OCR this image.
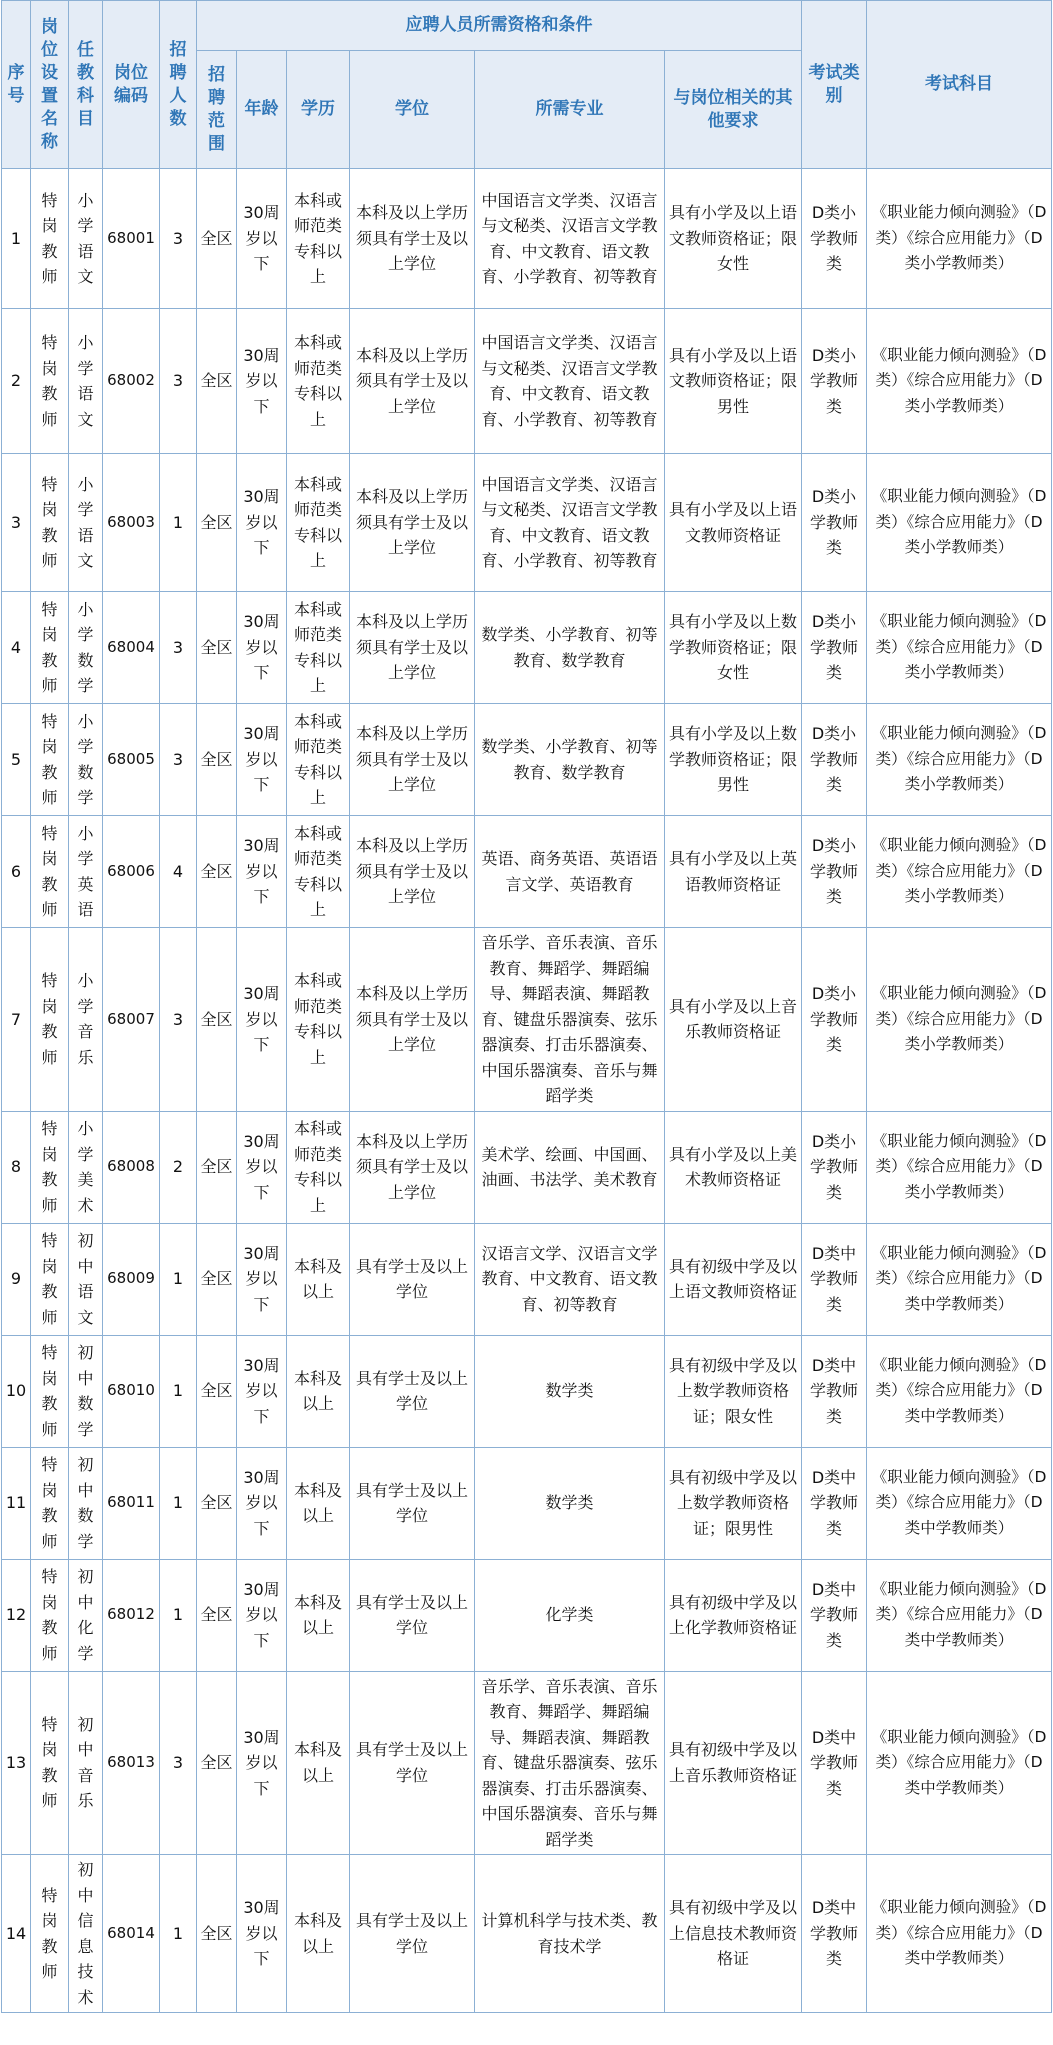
序号	岗位设置名称	任教科目	岗位编码	招聘人数	应聘人员所需资格和条件						考试类别	考试科目
					招聘范围	年龄	学历	学位	所需专业	与岗位相关的其他要求		
1	特岗教师	小学语文	68001	3	全区	30周岁以下	本科或师范类专科以上	本科及以上学历须具有学士及以上学位	中国语言文学类、汉语言与文秘类、汉语言文学教育、中文教育、语文教育、小学教育、初等教育	具有小学及以上语文教师资格证；限女性	D类小学教师类	《职业能力倾向测验》（D类）《综合应用能力》（D类小学教师类）
2	特岗教师	小学语文	68002	3	全区	30周岁以下	本科或师范类专科以上	本科及以上学历须具有学士及以上学位	中国语言文学类、汉语言与文秘类、汉语言文学教育、中文教育、语文教育、小学教育、初等教育	具有小学及以上语文教师资格证；限男性	D类小学教师类	《职业能力倾向测验》（D类）《综合应用能力》（D类小学教师类）
3	特岗教师	小学语文	68003	1	全区	30周岁以下	本科或师范类专科以上	本科及以上学历须具有学士及以上学位	中国语言文学类、汉语言与文秘类、汉语言文学教育、中文教育、语文教育、小学教育、初等教育	具有小学及以上语文教师资格证	D类小学教师类	《职业能力倾向测验》（D类）《综合应用能力》（D类小学教师类）
4	特岗教师	小学数学	68004	3	全区	30周岁以下	本科或师范类专科以上	本科及以上学历须具有学士及以上学位	数学类、小学教育、初等教育、数学教育	具有小学及以上数学教师资格证；限女性	D类小学教师类	《职业能力倾向测验》（D类）《综合应用能力》（D类小学教师类）
5	特岗教师	小学数学	68005	3	全区	30周岁以下	本科或师范类专科以上	本科及以上学历须具有学士及以上学位	数学类、小学教育、初等教育、数学教育	具有小学及以上数学教师资格证；限男性	D类小学教师类	《职业能力倾向测验》（D类）《综合应用能力》（D类小学教师类）
6	特岗教师	小学英语	68006	4	全区	30周岁以下	本科或师范类专科以上	本科及以上学历须具有学士及以上学位	英语、商务英语、英语语言文学、英语教育	具有小学及以上英语教师资格证	D类小学教师类	《职业能力倾向测验》（D类）《综合应用能力》（D类小学教师类）
7	特岗教师	小学音乐	68007	3	全区	30周岁以下	本科或师范类专科以上	本科及以上学历须具有学士及以上学位	音乐学、音乐表演、音乐教育、舞蹈学、舞蹈编导、舞蹈表演、舞蹈教育、键盘乐器演奏、弦乐器演奏、打击乐器演奏、中国乐器演奏、音乐与舞蹈学类	具有小学及以上音乐教师资格证	D类小学教师类	《职业能力倾向测验》（D类）《综合应用能力》（D类小学教师类）
8	特岗教师	小学美术	68008	2	全区	30周岁以下	本科或师范类专科以上	本科及以上学历须具有学士及以上学位	美术学、绘画、中国画、油画、书法学、美术教育	具有小学及以上美术教师资格证	D类小学教师类	《职业能力倾向测验》（D类）《综合应用能力》（D类小学教师类）
9	特岗教师	初中语文	68009	1	全区	30周岁以下	本科及以上	具有学士及以上学位	汉语言文学、汉语言文学教育、中文教育、语文教育、初等教育	具有初级中学及以上语文教师资格证	D类中学教师类	《职业能力倾向测验》（D类）《综合应用能力》（D类中学教师类）
10	特岗教师	初中数学	68010	1	全区	30周岁以下	本科及以上	具有学士及以上学位	数学类	具有初级中学及以上数学教师资格证；限女性	D类中学教师类	《职业能力倾向测验》（D类）《综合应用能力》（D类中学教师类）
11	特岗教师	初中数学	68011	1	全区	30周岁以下	本科及以上	具有学士及以上学位	数学类	具有初级中学及以上数学教师资格证；限男性	D类中学教师类	《职业能力倾向测验》（D类）《综合应用能力》（D类中学教师类）
12	特岗教师	初中化学	68012	1	全区	30周岁以下	本科及以上	具有学士及以上学位	化学类	具有初级中学及以上化学教师资格证	D类中学教师类	《职业能力倾向测验》（D类）《综合应用能力》（D类中学教师类）
13	特岗教师	初中音乐	68013	3	全区	30周岁以下	本科及以上	具有学士及以上学位	音乐学、音乐表演、音乐教育、舞蹈学、舞蹈编导、舞蹈表演、舞蹈教育、键盘乐器演奏、弦乐器演奏、打击乐器演奏、中国乐器演奏、音乐与舞蹈学类	具有初级中学及以上音乐教师资格证	D类中学教师类	《职业能力倾向测验》（D类）《综合应用能力》（D类中学教师类）
14	特岗教师	初中信息技术	68014	1	全区	30周岁以下	本科及以上	具有学士及以上学位	计算机科学与技术类、教育技术学	具有初级中学及以上信息技术教师资格证	D类中学教师类	《职业能力倾向测验》（D类）《综合应用能力》（D类中学教师类）
